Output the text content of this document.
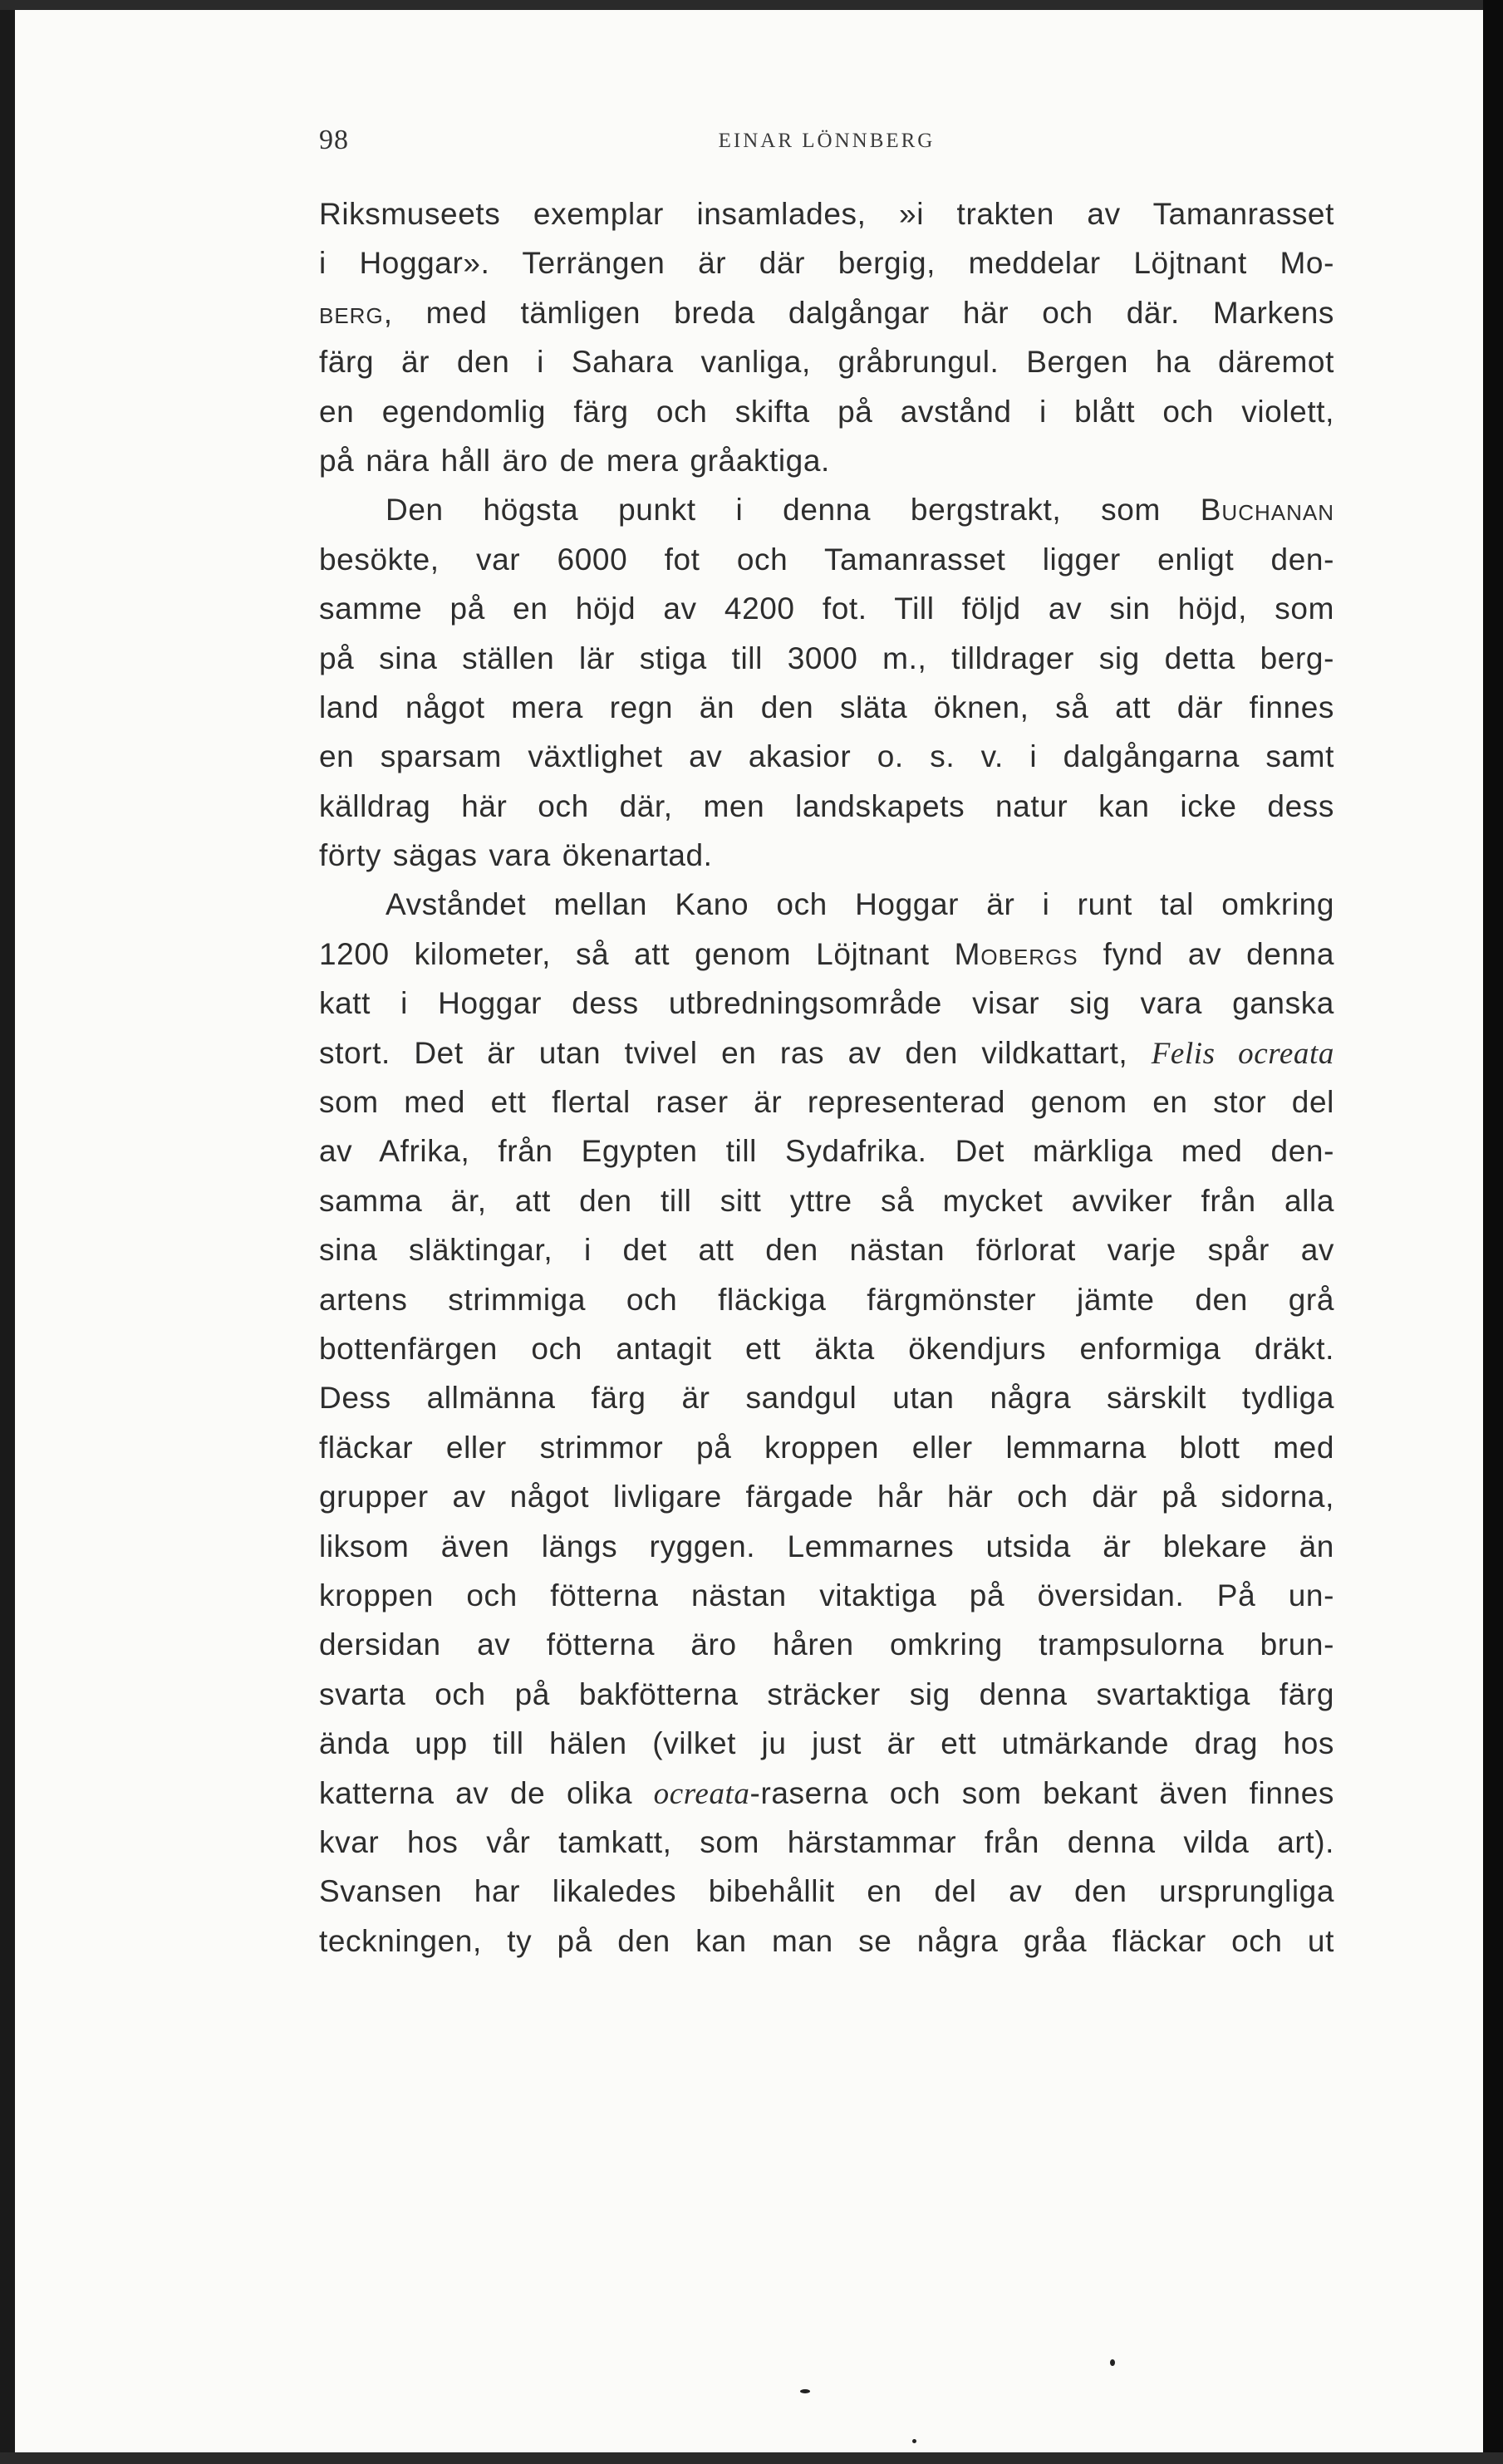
98	EINAR LÖNNBERG
Riksmuseets exemplar insamlades, »i trakten av Tamanrasset
i Hoggar». Terrängen är där bergig, meddelar Löjtnant Mo-
berg, med tämligen breda dalgångar här och där. Markens
färg är den i Sahara vanliga, gråbrungul. Bergen ha däremot
en egendomlig färg och skifta på avstånd i blått och violett,
på nära håll äro de mera gråaktiga.
Den högsta punkt i denna bergstrakt, som Buchanan
besökte, var 6000 fot och Tamanrasset ligger enligt den-
samme på en höjd av 4200 fot. Till följd av sin höjd, som
på sina ställen lär stiga till 3000 m., tilldrager sig detta berg-
land något mera regn än den släta öknen, så att där finnes
en sparsam växtlighet av akasior o. s. v. i dalgångarna samt
källdrag här och där, men landskapets natur kan icke dess
förty sägas vara ökenartad.
Avståndet mellan Kano och Hoggar är i runt tal omkring
1200 kilometer, så att genom Löjtnant Mobergs fynd av denna
katt i Hoggar dess utbredningsområde visar sig vara ganska
stort. Det är utan tvivel en ras av den vildkattart, Felis ocreata
som med ett flertal raser är representerad genom en stor del
av Afrika, från Egypten till Sydafrika. Det märkliga med den-
samma är, att den till sitt yttre så mycket avviker från alla
sina släktingar, i det att den nästan förlorat varje spår av
artens strimmiga och fläckiga färgmönster jämte den grå
bottenfärgen och antagit ett äkta ökendjurs enformiga dräkt.
Dess allmänna färg är sandgul utan några särskilt tydliga
fläckar eller strimmor på kroppen eller lemmarna blott med
grupper av något livligare färgade hår här och där på sidorna,
liksom även längs ryggen. Lemmarnes utsida är blekare än
kroppen och fötterna nästan vitaktiga på översidan. På un-
dersidan av fötterna äro håren omkring trampsulorna brun-
svarta och på bakfötterna sträcker sig denna svartaktiga färg
ända upp till hälen (vilket ju just är ett utmärkande drag hos
katterna av de olika ocreata-raserna och som bekant även finnes
kvar hos vår tamkatt, som härstammar från denna vilda art).
Svansen har likaledes bibehållit en del av den ursprungliga
teckningen, ty på den kan man se några gråa fläckar och ut
